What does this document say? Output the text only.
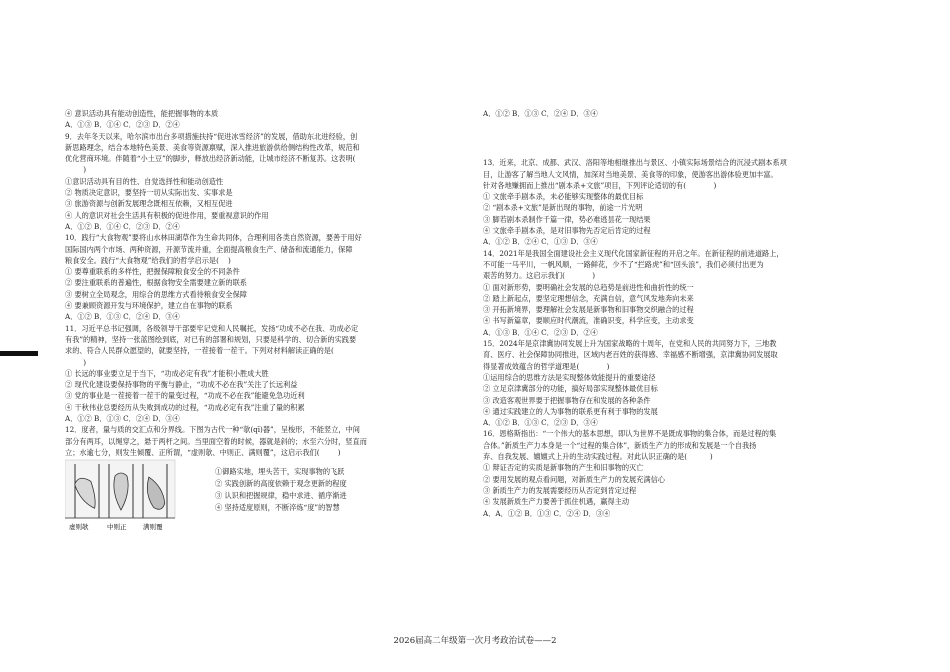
④ 意识活动具有能动创造性，能把握事物的本质
A．①③ B．①④ C．②③ D．②④
9．去年冬天以来，哈尔滨市出台多项措施扶持“促进冰雪经济”的发展，借助东北进经验，创
新思路理念，结合本地特色美景、美食等资源禀赋，深入推进旅游供给侧结构性改革，规范和
优化营商环境。伴随着“小土豆”的脚步，释放出经济新动能，让城市经济不断复苏。这表明(
)
①意识活动具有目的性、自觉选择性和能动创造性
② 物质决定意识，要坚持一切从实际出发、实事求是
③ 旅游资源与创新发展理念既相互依赖，又相互促进
④ 人的意识对社会生活具有积极的促进作用，要重视意识的作用
A．①② B．①④ C．②③ D．②④
10．践行“大食物观”要将山水林田湖草作为生命共同体，合理利用各类自然资源，要善于用好
国际国内两个市场、两种资源，开源节流并重，全面提高粮食生产、储备和流通能力，保障
粮食安全。践行“大食物观”给我们的哲学启示是(    )
① 要尊重联系的多样性，把握保障粮食安全的不同条件
② 要注重联系的普遍性，根据食物安全需要建立新的联系
③ 要树立全局观念，用综合的思维方式看待粮食安全保障
④ 要兼顾资源开发与环境保护，建立自在事物的联系
A．①② B．①③ C．②④ D．③④
11．习近平总书记强调，各级领导干部要牢记党和人民嘱托，发扬“功成不必在我、功成必定
有我”的精神，坚持一张蓝图绘到底，对已有的部署和规划，只要是科学的、切合新的实践要
求的、符合人民群众愿望的，就要坚持，一茬接着一茬干。下列对材料解读正确的是(
)
① 长远的事业要立足于当下，“功成必定有我”才能积小胜成大胜
② 现代化建设要保持事物的平衡与静止，“功成不必在我”关注了长远利益
③ 党的事业是一茬接着一茬干的量变过程，“功成不必在我”能避免急功近利
④ 干秋伟业总要经历从失败到成功的过程，“功成必定有我”注重了量的积累
A．①② B．①③ C．②④ D．③④
12．度者，量与质的交汇点和分界线。下图为古代一种“欹(qī)器”，呈梭形，不能竖立，中间
部分有两耳，以绳穿之，悬于两杆之间。当里面空着的时候，器就是斜的；水至六分时，竖直而
立；水逾七分，则发生倾覆、正所谓，“虚则欹、中则正、满则覆”，这启示我们(        )
虚则欹	中则正	满则覆
①御路实地，埋头苦干，实现事物的飞跃
② 实践创新的高度依赖于观念更新的程度
③ 认识和把握规律，稳中求进、循序渐进
④ 坚持适度原则，不断淬炼“度”的智慧
A．①② B．①③ C．②④ D．③④
13．近来，北京、成都、武汉、洛阳等地相继推出与景区、小镇实际场景结合的沉浸式剧本系项
目，让游客了解当地人文风情，加深对当地美景、美食等的印象，使游客出游体验更加丰富。
针对各地赚拥而上推出“剧本杀+文旅”项目，下列评论适切的有(            )
① 文旅牵手剧本杀，未必能够实现整体的最优目标
② “剧本杀+文旅”是新出现的事物，前途一片光明
③ 脚若剧本杀制作千篇一律，势必难逃昙花一现结果
④ 文旅牵手剧本杀，是对旧事物先否定后肯定的过程
A．①② B．②④ C．①③ D．③④
14．2021年是我国全面建设社会主义现代化国家新征程的开启之年。在新征程的前进道路上，
不可能一马平川，一帆风顺，一路鲜花，少不了“拦路虎”和“回头浪”，我们必须付出更为
艰苦的努力。这启示我们(            )
① 面对新形势，要明确社会发展的总趋势是前进性和曲折性的统一
② 踏上新起点，要坚定理想信念，充满自信，意气风发地奔向未来
③ 开拓新境界，要理解社会发展是新事物和旧事物交织融合的过程
④ 书写新篇章，要顺应时代潮流，准确识变，科学应变，主动求变
A．①③ B．①④ C．②③ D．②④
15．2024年是京津冀协同发展上升为国家战略的十周年，在党和人民的共同努力下，三地教
育、医疗、社会保障协同推进，区域内老百姓的获得感、幸福感不断增强，京津冀协同发展取
得显著成效蕴含的哲学道理是(            )
①运用综合的思维方法是实现整体效能提升的重要途径
② 立足京津冀部分的功能，搞好局部实现整体最优目标
③ 改造客观世界要于把握事物存在和发展的各种条件
④ 通过实践建立的人为事物的联系更有利于事物的发展
A．①② B．①③ C．②③ D．③④
16．恩格斯指出：“一个伟大的基本思想，即认为世界不是既成事物的集合体，而是过程的集
合体。”新质生产力本身是一个“过程的集合体”，新质生产力的形成和发展是一个自我扬
弃、自我发展、嬗嬗式上升的生动实践过程。对此认识正确的是(          )
① 辩证否定的实质是新事物的产生和旧事物的灭亡
② 要用发展的观点看问题，对新质生产力的发展充满信心
③ 新质生产力的发展需要经历从否定到肯定过程
④ 发展新质生产力要善于抓住机遇，赢得主动
A．A．①② B．①③ C．②④ D．③④
2026届高二年级第一次月考政治试卷——2
